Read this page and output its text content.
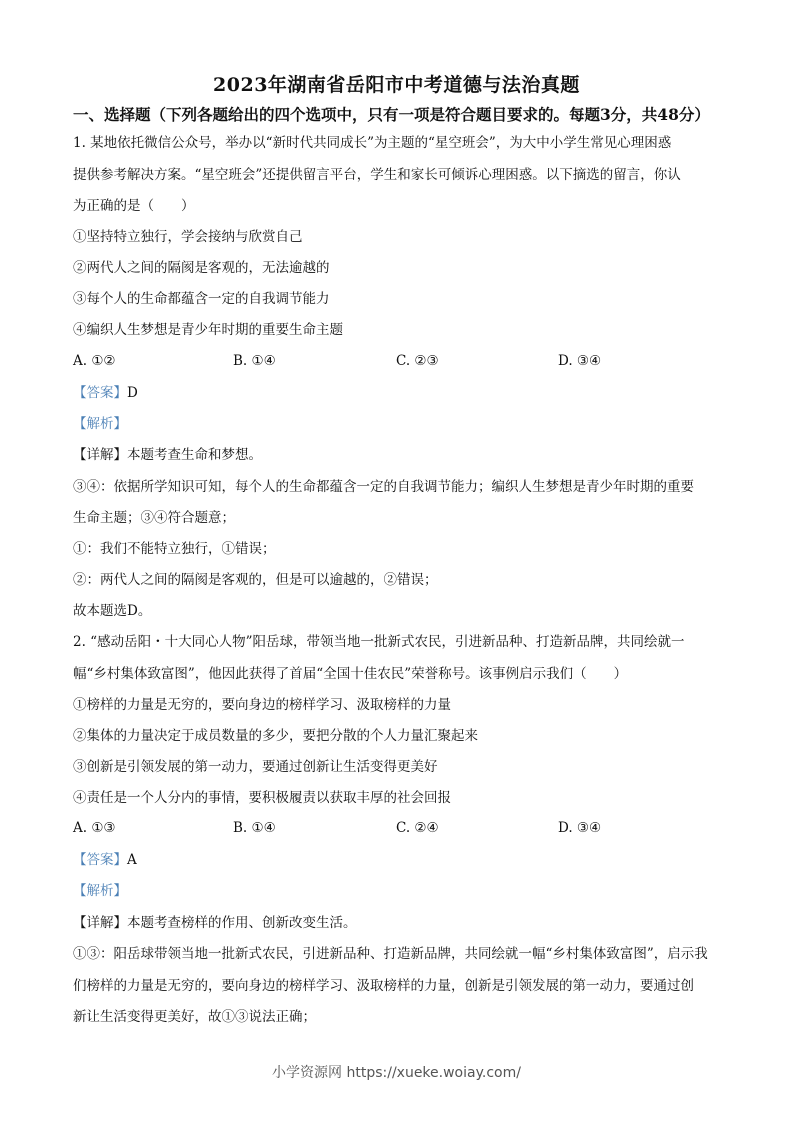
2023年湖南省岳阳市中考道德与法治真题
一、选择题（下列各题给出的四个选项中，只有一项是符合题目要求的。每题3分，共48分）
1. 某地依托微信公众号，举办以“新时代共同成长”为主题的“星空班会”，为大中小学生常见心理困惑
提供参考解决方案。“星空班会”还提供留言平台，学生和家长可倾诉心理困惑。以下摘选的留言，你认
为正确的是（　　）
①坚持特立独行，学会接纳与欣赏自己
②两代人之间的隔阂是客观的，无法逾越的
③每个人的生命都蕴含一定的自我调节能力
④编织人生梦想是青少年时期的重要生命主题
A. ①②	B. ①④	C. ②③	D. ③④
【答案】D
【解析】
【详解】本题考查生命和梦想。
③④：依据所学知识可知，每个人的生命都蕴含一定的自我调节能力；编织人生梦想是青少年时期的重要
生命主题；③④符合题意；
①：我们不能特立独行，①错误；
②：两代人之间的隔阂是客观的，但是可以逾越的，②错误；
故本题选D。
2. “感动岳阳・十大同心人物”阳岳球，带领当地一批新式农民，引进新品种、打造新品牌，共同绘就一
幅“乡村集体致富图”，他因此获得了首届“全国十佳农民”荣誉称号。该事例启示我们（　　）
①榜样的力量是无穷的，要向身边的榜样学习、汲取榜样的力量
②集体的力量决定于成员数量的多少，要把分散的个人力量汇聚起来
③创新是引领发展的第一动力，要通过创新让生活变得更美好
④责任是一个人分内的事情，要积极履责以获取丰厚的社会回报
A. ①③	B. ①④	C. ②④	D. ③④
【答案】A
【解析】
【详解】本题考查榜样的作用、创新改变生活。
①③：阳岳球带领当地一批新式农民，引进新品种、打造新品牌，共同绘就一幅“乡村集体致富图”，启示我
们榜样的力量是无穷的，要向身边的榜样学习、汲取榜样的力量，创新是引领发展的第一动力，要通过创
新让生活变得更美好，故①③说法正确；
小学资源网 https://xueke.woiay.com/
